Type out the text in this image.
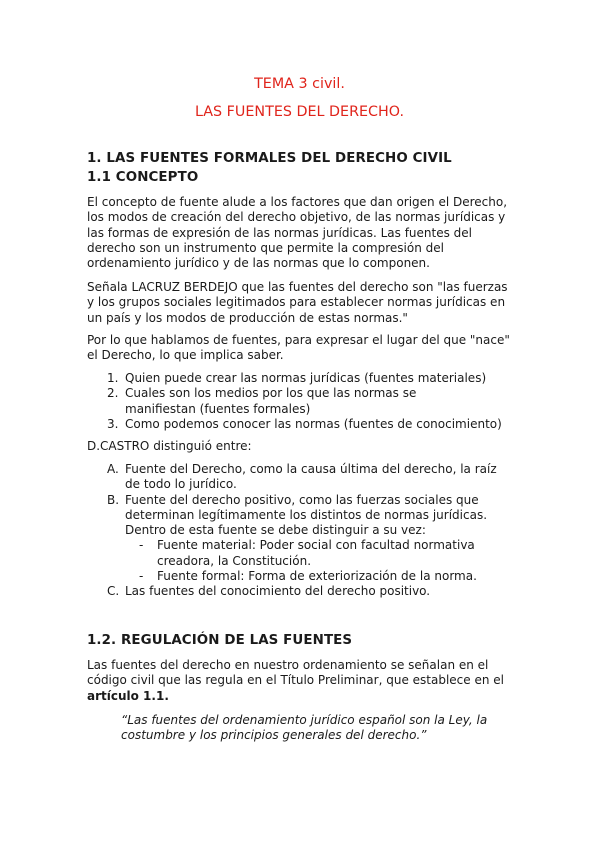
TEMA 3 civil.
LAS FUENTES DEL DERECHO.
1. LAS FUENTES FORMALES DEL DERECHO CIVIL
1.1 CONCEPTO
El concepto de fuente alude a los factores que dan origen el Derecho, los modos de creación del derecho objetivo, de las normas jurídicas y las formas de expresión de las normas jurídicas. Las fuentes del derecho son un instrumento que permite la compresión del ordenamiento jurídico y de las normas que lo componen.
Señala LACRUZ BERDEJO que las fuentes del derecho son "las fuerzas y los grupos sociales legitimados para establecer normas jurídicas en un país y los modos de producción de estas normas."
Por lo que hablamos de fuentes, para expresar el lugar del que "nace" el Derecho, lo que implica saber.
1. Quien puede crear las normas jurídicas (fuentes materiales)
2. Cuales son los medios por los que las normas se manifiestan (fuentes formales)
3. Como podemos conocer las normas (fuentes de conocimiento)
D.CASTRO distinguió entre:
A. Fuente del Derecho, como la causa última del derecho, la raíz de todo lo jurídico.
B. Fuente del derecho positivo, como las fuerzas sociales que determinan legítimamente los distintos de normas jurídicas. Dentro de esta fuente se debe distinguir a su vez:
- Fuente material: Poder social con facultad normativa creadora, la Constitución.
- Fuente formal: Forma de exteriorización de la norma.
C. Las fuentes del conocimiento del derecho positivo.
1.2. REGULACIÓN DE LAS FUENTES
Las fuentes del derecho en nuestro ordenamiento se señalan en el código civil que las regula en el Título Preliminar, que establece en el artículo 1.1.
“Las fuentes del ordenamiento jurídico español son la Ley, la costumbre y los principios generales del derecho.”
